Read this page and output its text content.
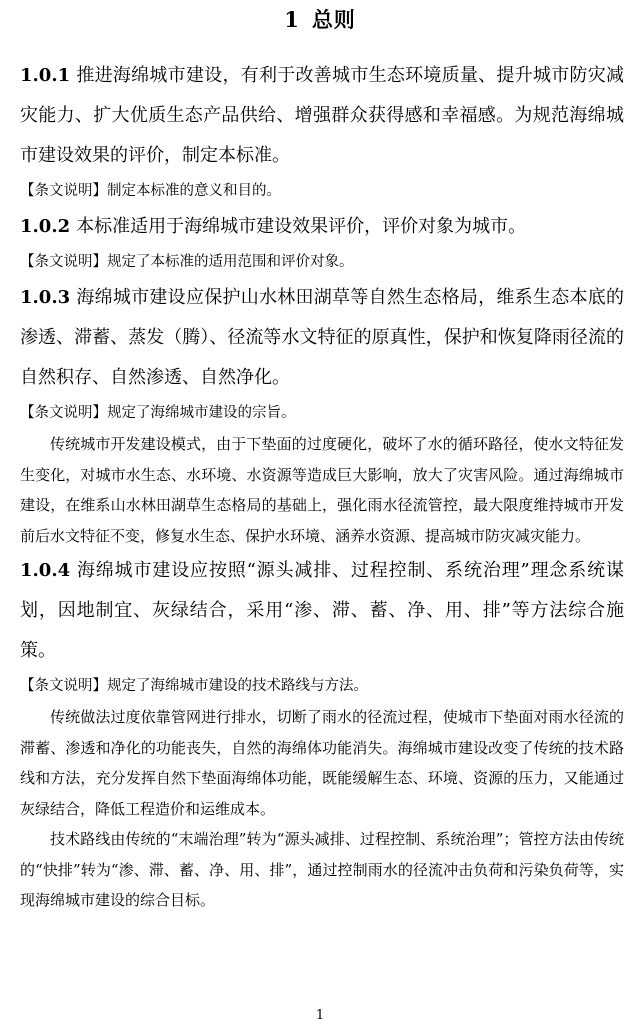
1 总则

1.0.1 推进海绵城市建设，有利于改善城市生态环境质量、提升城市防灾减灾能力、扩大优质生态产品供给、增强群众获得感和幸福感。为规范海绵城市建设效果的评价，制定本标准。

【条文说明】制定本标准的意义和目的。

1.0.2 本标准适用于海绵城市建设效果评价，评价对象为城市。

【条文说明】规定了本标准的适用范围和评价对象。

1.0.3 海绵城市建设应保护山水林田湖草等自然生态格局，维系生态本底的渗透、滞蓄、蒸发（腾）、径流等水文特征的原真性，保护和恢复降雨径流的自然积存、自然渗透、自然净化。

【条文说明】规定了海绵城市建设的宗旨。

传统城市开发建设模式，由于下垫面的过度硬化，破坏了水的循环路径，使水文特征发生变化，对城市水生态、水环境、水资源等造成巨大影响，放大了灾害风险。通过海绵城市建设，在维系山水林田湖草生态格局的基础上，强化雨水径流管控，最大限度维持城市开发前后水文特征不变，修复水生态、保护水环境、涵养水资源、提高城市防灾减灾能力。

1.0.4 海绵城市建设应按照“源头减排、过程控制、系统治理”理念系统谋划，因地制宜、灰绿结合，采用“渗、滞、蓄、净、用、排”等方法综合施策。

【条文说明】规定了海绵城市建设的技术路线与方法。

传统做法过度依靠管网进行排水，切断了雨水的径流过程，使城市下垫面对雨水径流的滞蓄、渗透和净化的功能丧失，自然的海绵体功能消失。海绵城市建设改变了传统的技术路线和方法，充分发挥自然下垫面海绵体功能，既能缓解生态、环境、资源的压力，又能通过灰绿结合，降低工程造价和运维成本。

技术路线由传统的“末端治理”转为“源头减排、过程控制、系统治理”；管控方法由传统的“快排”转为“渗、滞、蓄、净、用、排”，通过控制雨水的径流冲击负荷和污染负荷等，实现海绵城市建设的综合目标。

1
